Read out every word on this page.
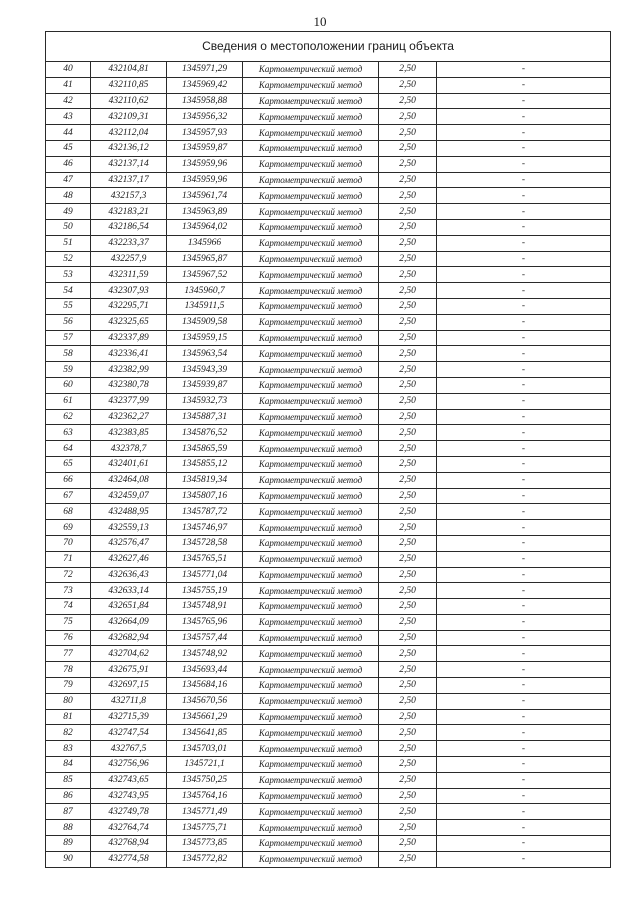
10
Сведения о местоположении границ объекта					
40	432104,81	1345971,29	Картометрический метод	2,50	-
41	432110,85	1345969,42	Картометрический метод	2,50	-
42	432110,62	1345958,88	Картометрический метод	2,50	-
43	432109,31	1345956,32	Картометрический метод	2,50	-
44	432112,04	1345957,93	Картометрический метод	2,50	-
45	432136,12	1345959,87	Картометрический метод	2,50	-
46	432137,14	1345959,96	Картометрический метод	2,50	-
47	432137,17	1345959,96	Картометрический метод	2,50	-
48	432157,3	1345961,74	Картометрический метод	2,50	-
49	432183,21	1345963,89	Картометрический метод	2,50	-
50	432186,54	1345964,02	Картометрический метод	2,50	-
51	432233,37	1345966	Картометрический метод	2,50	-
52	432257,9	1345965,87	Картометрический метод	2,50	-
53	432311,59	1345967,52	Картометрический метод	2,50	-
54	432307,93	1345960,7	Картометрический метод	2,50	-
55	432295,71	1345911,5	Картометрический метод	2,50	-
56	432325,65	1345909,58	Картометрический метод	2,50	-
57	432337,89	1345959,15	Картометрический метод	2,50	-
58	432336,41	1345963,54	Картометрический метод	2,50	-
59	432382,99	1345943,39	Картометрический метод	2,50	-
60	432380,78	1345939,87	Картометрический метод	2,50	-
61	432377,99	1345932,73	Картометрический метод	2,50	-
62	432362,27	1345887,31	Картометрический метод	2,50	-
63	432383,85	1345876,52	Картометрический метод	2,50	-
64	432378,7	1345865,59	Картометрический метод	2,50	-
65	432401,61	1345855,12	Картометрический метод	2,50	-
66	432464,08	1345819,34	Картометрический метод	2,50	-
67	432459,07	1345807,16	Картометрический метод	2,50	-
68	432488,95	1345787,72	Картометрический метод	2,50	-
69	432559,13	1345746,97	Картометрический метод	2,50	-
70	432576,47	1345728,58	Картометрический метод	2,50	-
71	432627,46	1345765,51	Картометрический метод	2,50	-
72	432636,43	1345771,04	Картометрический метод	2,50	-
73	432633,14	1345755,19	Картометрический метод	2,50	-
74	432651,84	1345748,91	Картометрический метод	2,50	-
75	432664,09	1345765,96	Картометрический метод	2,50	-
76	432682,94	1345757,44	Картометрический метод	2,50	-
77	432704,62	1345748,92	Картометрический метод	2,50	-
78	432675,91	1345693,44	Картометрический метод	2,50	-
79	432697,15	1345684,16	Картометрический метод	2,50	-
80	432711,8	1345670,56	Картометрический метод	2,50	-
81	432715,39	1345661,29	Картометрический метод	2,50	-
82	432747,54	1345641,85	Картометрический метод	2,50	-
83	432767,5	1345703,01	Картометрический метод	2,50	-
84	432756,96	1345721,1	Картометрический метод	2,50	-
85	432743,65	1345750,25	Картометрический метод	2,50	-
86	432743,95	1345764,16	Картометрический метод	2,50	-
87	432749,78	1345771,49	Картометрический метод	2,50	-
88	432764,74	1345775,71	Картометрический метод	2,50	-
89	432768,94	1345773,85	Картометрический метод	2,50	-
90	432774,58	1345772,82	Картометрический метод	2,50	-
